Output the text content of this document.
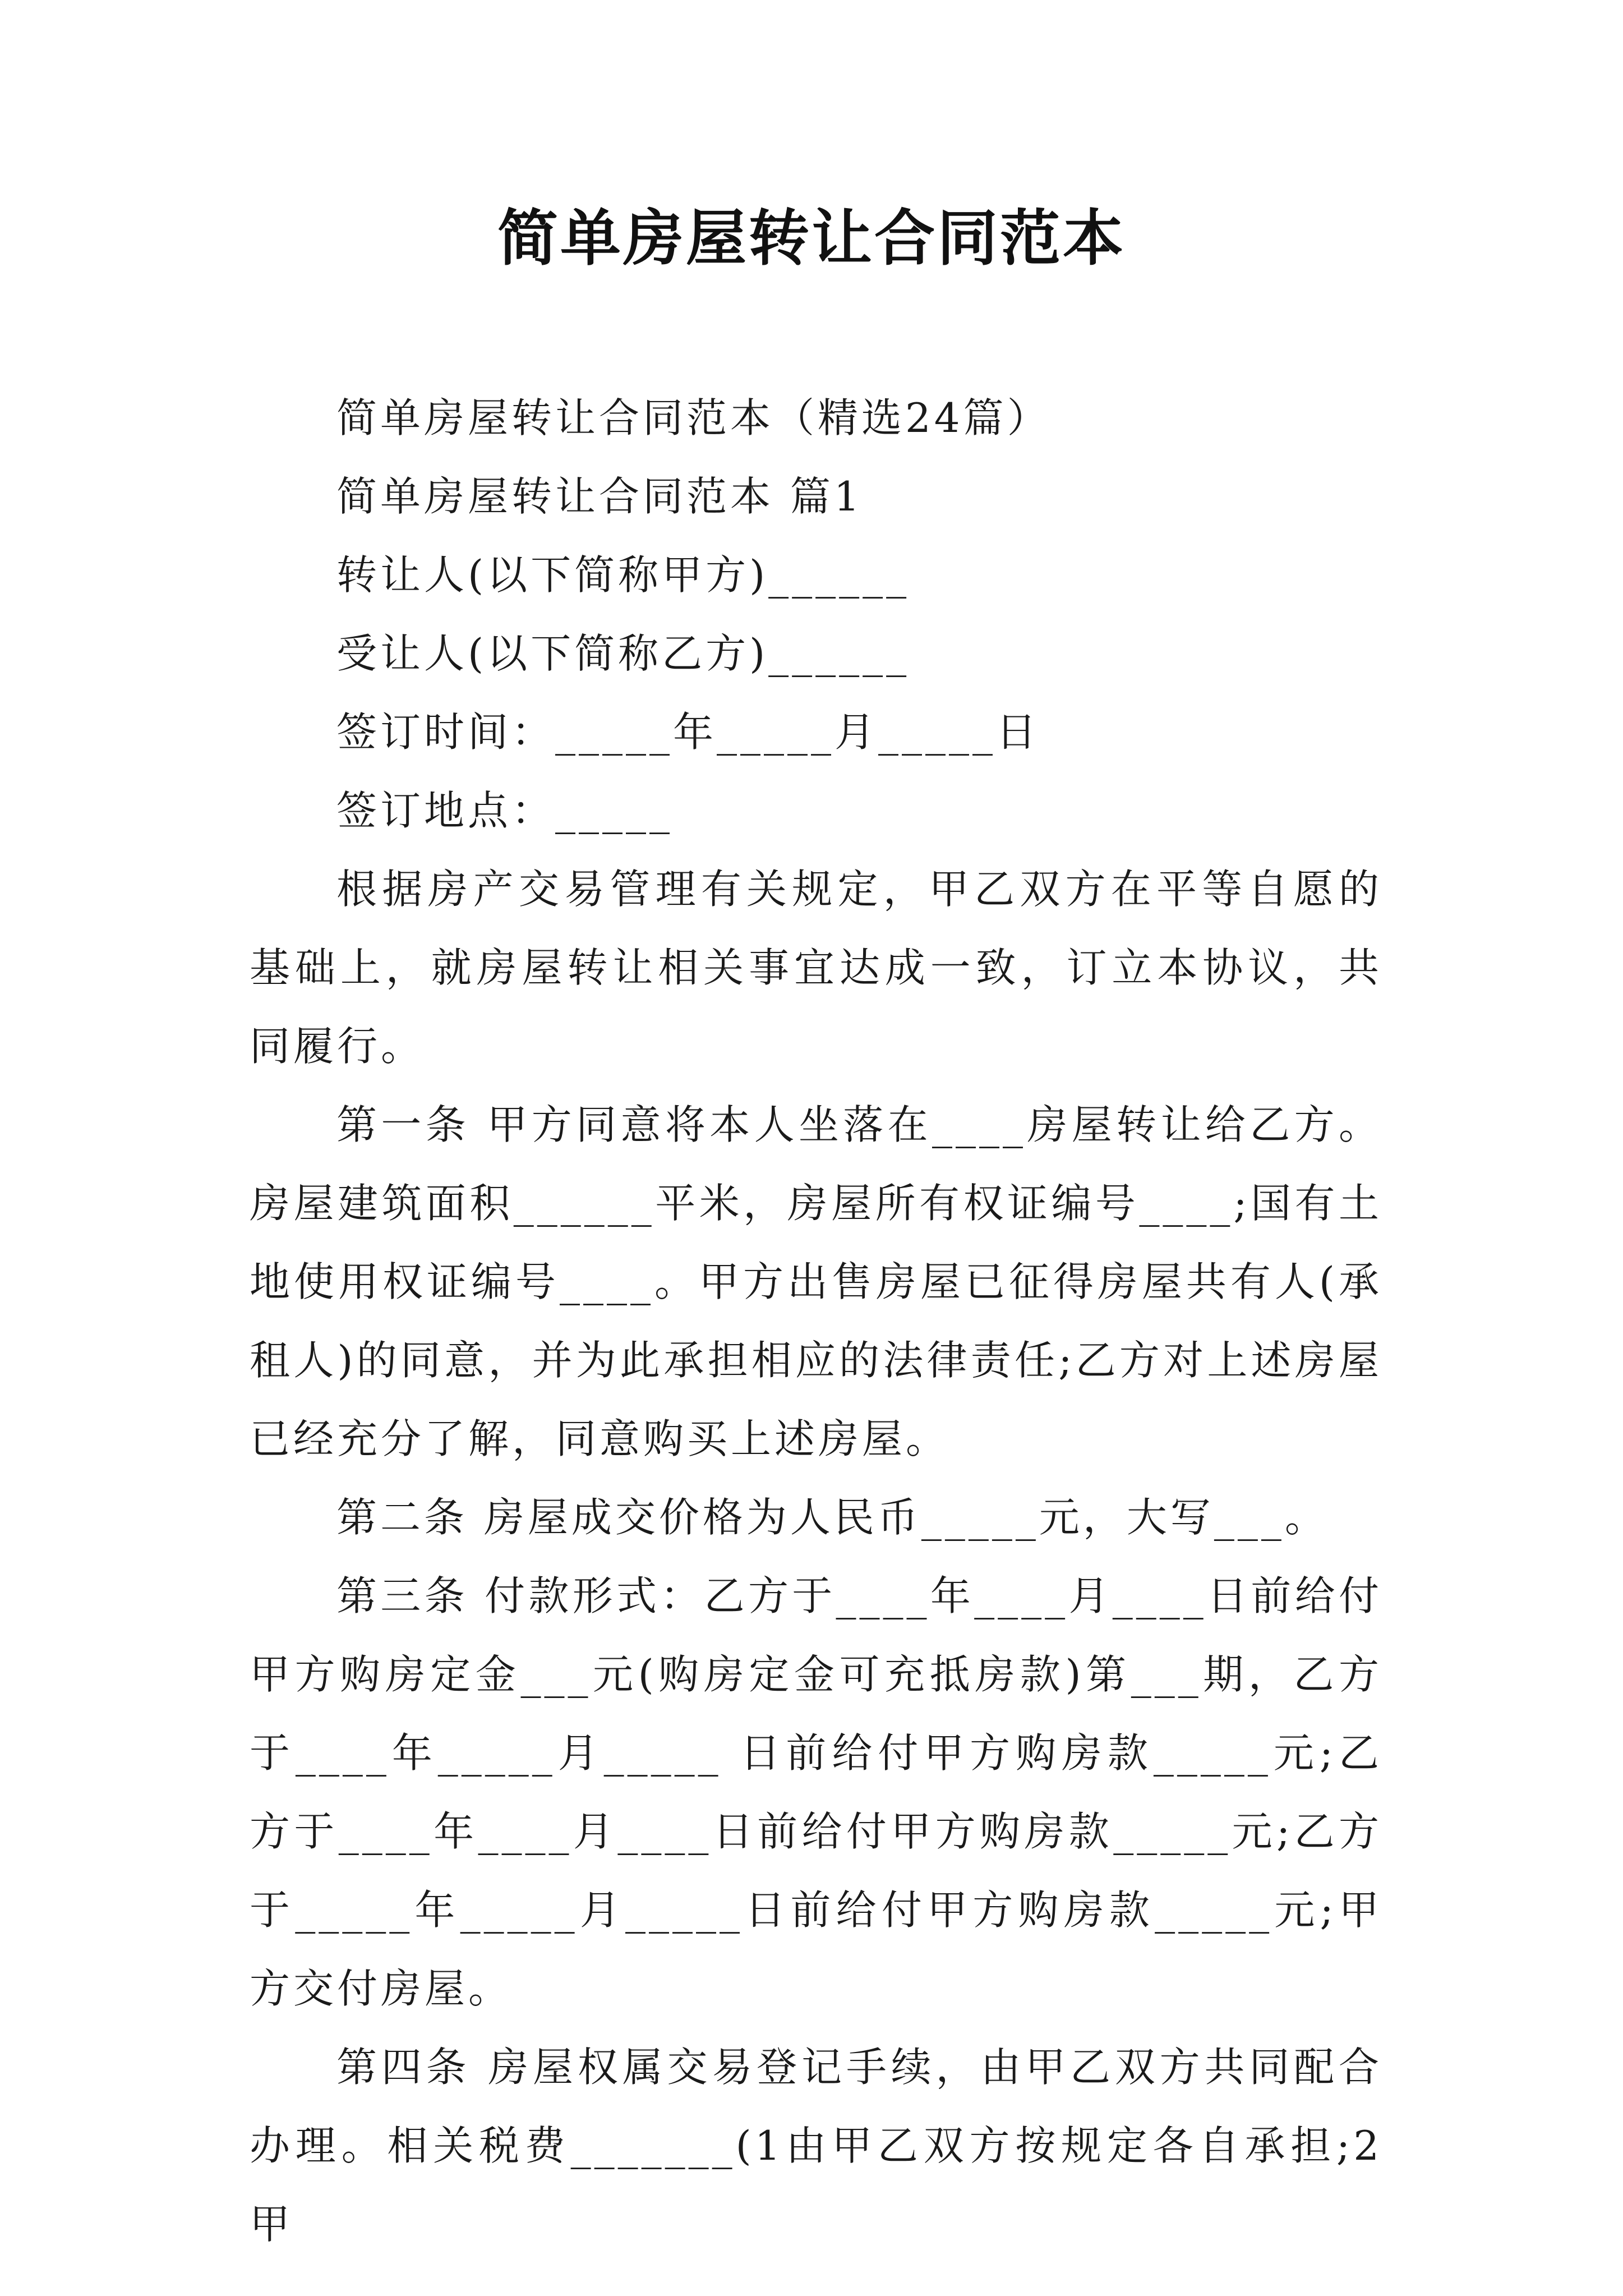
简单房屋转让合同范本

简单房屋转让合同范本（精选24篇）

简单房屋转让合同范本 篇1

转让人(以下简称甲方)______

受让人(以下简称乙方)______

签订时间：_____年_____月_____日

签订地点：_____

根据房产交易管理有关规定，甲乙双方在平等自愿的基础上，就房屋转让相关事宜达成一致，订立本协议，共同履行。

第一条 甲方同意将本人坐落在____房屋转让给乙方。房屋建筑面积______平米，房屋所有权证编号____;国有土地使用权证编号____。甲方出售房屋已征得房屋共有人(承租人)的同意，并为此承担相应的法律责任;乙方对上述房屋已经充分了解，同意购买上述房屋。

第二条 房屋成交价格为人民币_____元，大写___。

第三条 付款形式：乙方于____年____月____日前给付甲方购房定金___元(购房定金可充抵房款)第___期，乙方于____年_____月_____ 日前给付甲方购房款_____元;乙方于____年____月____日前给付甲方购房款_____元;乙方于_____年_____月_____日前给付甲方购房款_____元;甲方交付房屋。

第四条 房屋权属交易登记手续，由甲乙双方共同配合办理。相关税费_______(1由甲乙双方按规定各自承担;2甲
